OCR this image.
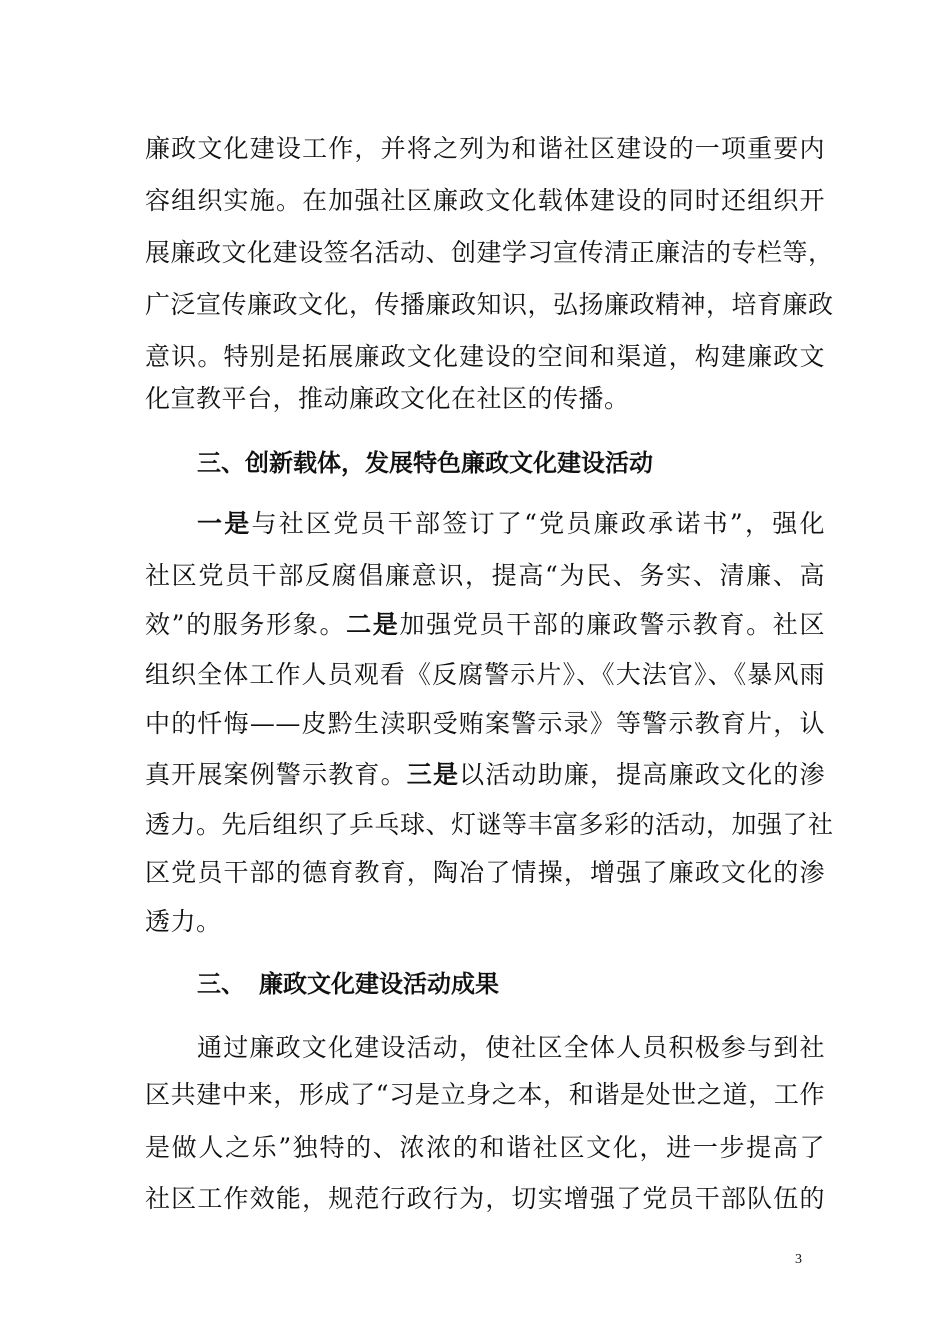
廉政文化建设工作，并将之列为和谐社区建设的一项重要内
容组织实施。在加强社区廉政文化载体建设的同时还组织开
展廉政文化建设签名活动、创建学习宣传清正廉洁的专栏等，
广泛宣传廉政文化，传播廉政知识，弘扬廉政精神，培育廉政
意识。特别是拓展廉政文化建设的空间和渠道，构建廉政文
化宣教平台，推动廉政文化在社区的传播。
三、创新载体，发展特色廉政文化建设活动
一是与社区党员干部签订了“党员廉政承诺书”，强化
社区党员干部反腐倡廉意识，提高“为民、务实、清廉、高
效”的服务形象。二是加强党员干部的廉政警示教育。社区
组织全体工作人员观看《反腐警示片》、《大法官》、《暴风雨
中的忏悔——皮黔生渎职受贿案警示录》等警示教育片，认
真开展案例警示教育。三是以活动助廉，提高廉政文化的渗
透力。先后组织了乒乓球、灯谜等丰富多彩的活动，加强了社
区党员干部的德育教育，陶冶了情操，增强了廉政文化的渗
透力。
三、 廉政文化建设活动成果
通过廉政文化建设活动，使社区全体人员积极参与到社
区共建中来，形成了“习是立身之本，和谐是处世之道，工作
是做人之乐”独特的、浓浓的和谐社区文化，进一步提高了
社区工作效能，规范行政行为，切实增强了党员干部队伍的
3
